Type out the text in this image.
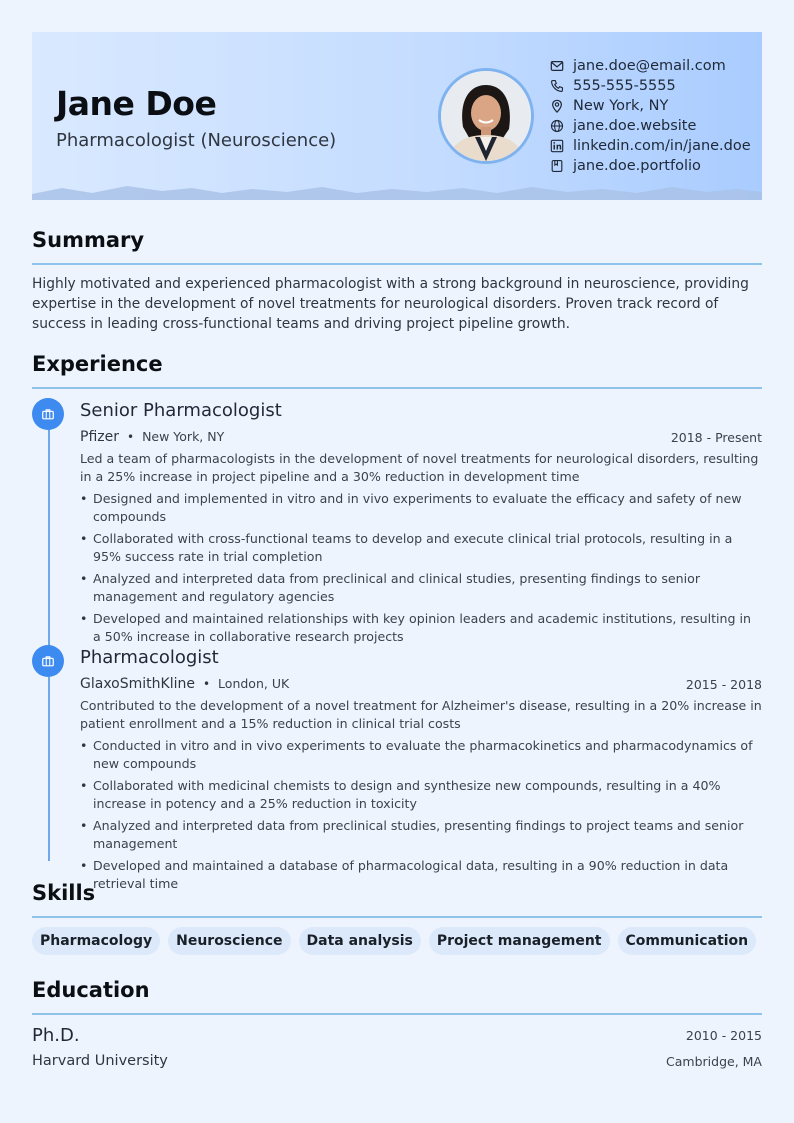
Jane Doe
Pharmacologist (Neuroscience)
jane.doe@email.com
555-555-5555
New York, NY
jane.doe.website
linkedin.com/in/jane.doe
jane.doe.portfolio
Summary

Highly motivated and experienced pharmacologist with a strong background in neuroscience, providing expertise in the development of novel treatments for neurological disorders. Proven track record of success in leading cross-functional teams and driving project pipeline growth.

Experience
Senior Pharmacologist
Pfizer • New York, NY	2018 - Present

Led a team of pharmacologists in the development of novel treatments for neurological disorders, resulting in a 25% increase in project pipeline and a 30% reduction in development time

• Designed and implemented in vitro and in vivo experiments to evaluate the efficacy and safety of new compounds
• Collaborated with cross-functional teams to develop and execute clinical trial protocols, resulting in a 95% success rate in trial completion
• Analyzed and interpreted data from preclinical and clinical studies, presenting findings to senior management and regulatory agencies
• Developed and maintained relationships with key opinion leaders and academic institutions, resulting in a 50% increase in collaborative research projects
Pharmacologist
GlaxoSmithKline • London, UK	2015 - 2018

Contributed to the development of a novel treatment for Alzheimer's disease, resulting in a 20% increase in patient enrollment and a 15% reduction in clinical trial costs

• Conducted in vitro and in vivo experiments to evaluate the pharmacokinetics and pharmacodynamics of new compounds
• Collaborated with medicinal chemists to design and synthesize new compounds, resulting in a 40% increase in potency and a 25% reduction in toxicity
• Analyzed and interpreted data from preclinical studies, presenting findings to project teams and senior management
• Developed and maintained a database of pharmacological data, resulting in a 90% reduction in data retrieval time
Skills
Pharmacology	Neuroscience	Data analysis	Project management	Communication
Education
Ph.D.	2010 - 2015
Harvard University	Cambridge, MA
